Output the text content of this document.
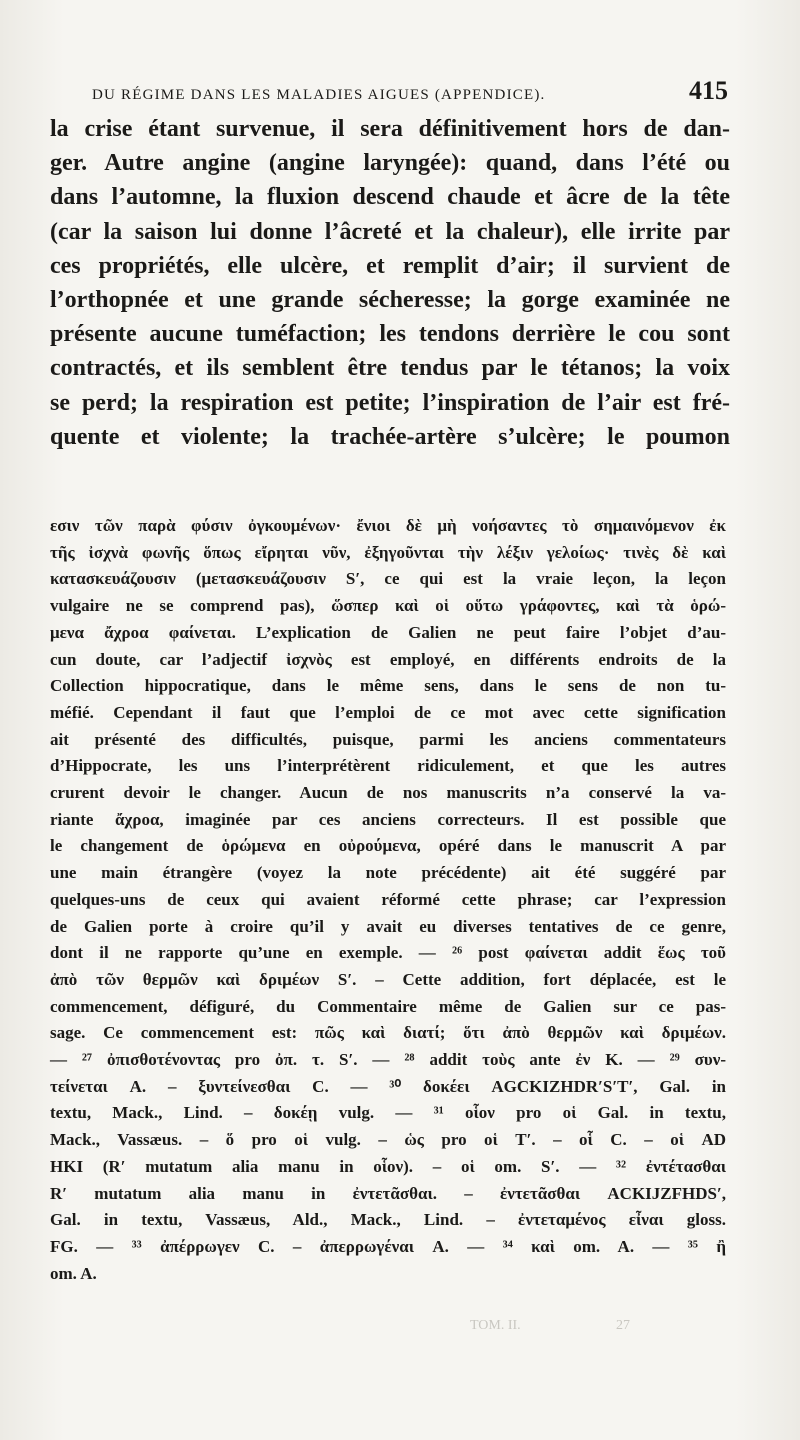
DU RÉGIME DANS LES MALADIES AIGUES (APPENDICE).	415

la crise étant survenue, il sera définitivement hors de dan-
ger. Autre angine (angine laryngée): quand, dans l’été ou
dans l’automne, la fluxion descend chaude et âcre de la tête
(car la saison lui donne l’âcreté et la chaleur), elle irrite par
ces propriétés, elle ulcère, et remplit d’air; il survient de
l’orthopnée et une grande sécheresse; la gorge examinée ne
présente aucune tuméfaction; les tendons derrière le cou sont
contractés, et ils semblent être tendus par le tétanos; la voix
se perd; la respiration est petite; l’inspiration de l’air est fré-
quente et violente; la trachée-artère s’ulcère; le poumon

εσιν τῶν παρὰ φύσιν ὀγκουμένων· ἔνιοι δὲ μὴ νοήσαντες τὸ σημαινόμενον ἐκ
τῆς ἰσχνὰ φωνῆς ὅπως εἴρηται νῦν, ἐξηγοῦνται τὴν λέξιν γελοίως· τινὲς δὲ καὶ
κατασκευάζουσιν (μετασκευάζουσιν S′, ce qui est la vraie leçon, la leçon
vulgaire ne se comprend pas), ὥσπερ καὶ οἱ οὕτω γράφοντες, καὶ τὰ ὁρώ-
μενα ἄχροα φαίνεται. L’explication de Galien ne peut faire l’objet d’au-
cun doute, car l’adjectif ἰσχνὸς est employé, en différents endroits de la
Collection hippocratique, dans le même sens, dans le sens de non tu-
méfié. Cependant il faut que l’emploi de ce mot avec cette signification
ait présenté des difficultés, puisque, parmi les anciens commentateurs
d’Hippocrate, les uns l’interprétèrent ridiculement, et que les autres
crurent devoir le changer. Aucun de nos manuscrits n’a conservé la va-
riante ἄχροα, imaginée par ces anciens correcteurs. Il est possible que
le changement de ὁρώμενα en οὐρούμενα, opéré dans le manuscrit A par
une main étrangère (voyez la note précédente) ait été suggéré par
quelques-uns de ceux qui avaient réformé cette phrase; car l’expression
de Galien porte à croire qu’il y avait eu diverses tentatives de ce genre,
dont il ne rapporte qu’une en exemple. — ²⁶ post φαίνεται addit ἕως τοῦ
ἀπὸ τῶν θερμῶν καὶ δριμέων S′. – Cette addition, fort déplacée, est le
commencement, défiguré, du Commentaire même de Galien sur ce pas-
sage. Ce commencement est: πῶς καὶ διατί; ὅτι ἀπὸ θερμῶν καὶ δριμέων.
— ²⁷ ὀπισθοτένοντας pro ὀπ. τ. S′. — ²⁸ addit τοὺς ante ἐν K. — ²⁹ συν-
τείνεται A. – ξυντείνεσθαι C. — ³⁰ δοκέει AGCKIZHDR′S′T′, Gal. in
textu, Mack., Lind. – δοκέῃ vulg. — ³¹ οἷον pro οἱ Gal. in textu,
Mack., Vassæus. – ὅ pro οἱ vulg. – ὡς pro οἱ T′. – οἷ C. – οἱ AD
HKI (R′ mutatum alia manu in οἷον). – οἱ om. S′. — ³² ἐντέτασθαι
R′ mutatum alia manu in ἐντετᾶσθαι. – ἐντετᾶσθαι ACKIJZFHDS′,
Gal. in textu, Vassæus, Ald., Mack., Lind. – ἐντεταμένος εἶναι gloss.
FG. — ³³ ἀπέρρωγεν C. – ἀπερρωγέναι A. — ³⁴ καὶ om. A. — ³⁵ ἢ
om. A.

TOM. II.	27
